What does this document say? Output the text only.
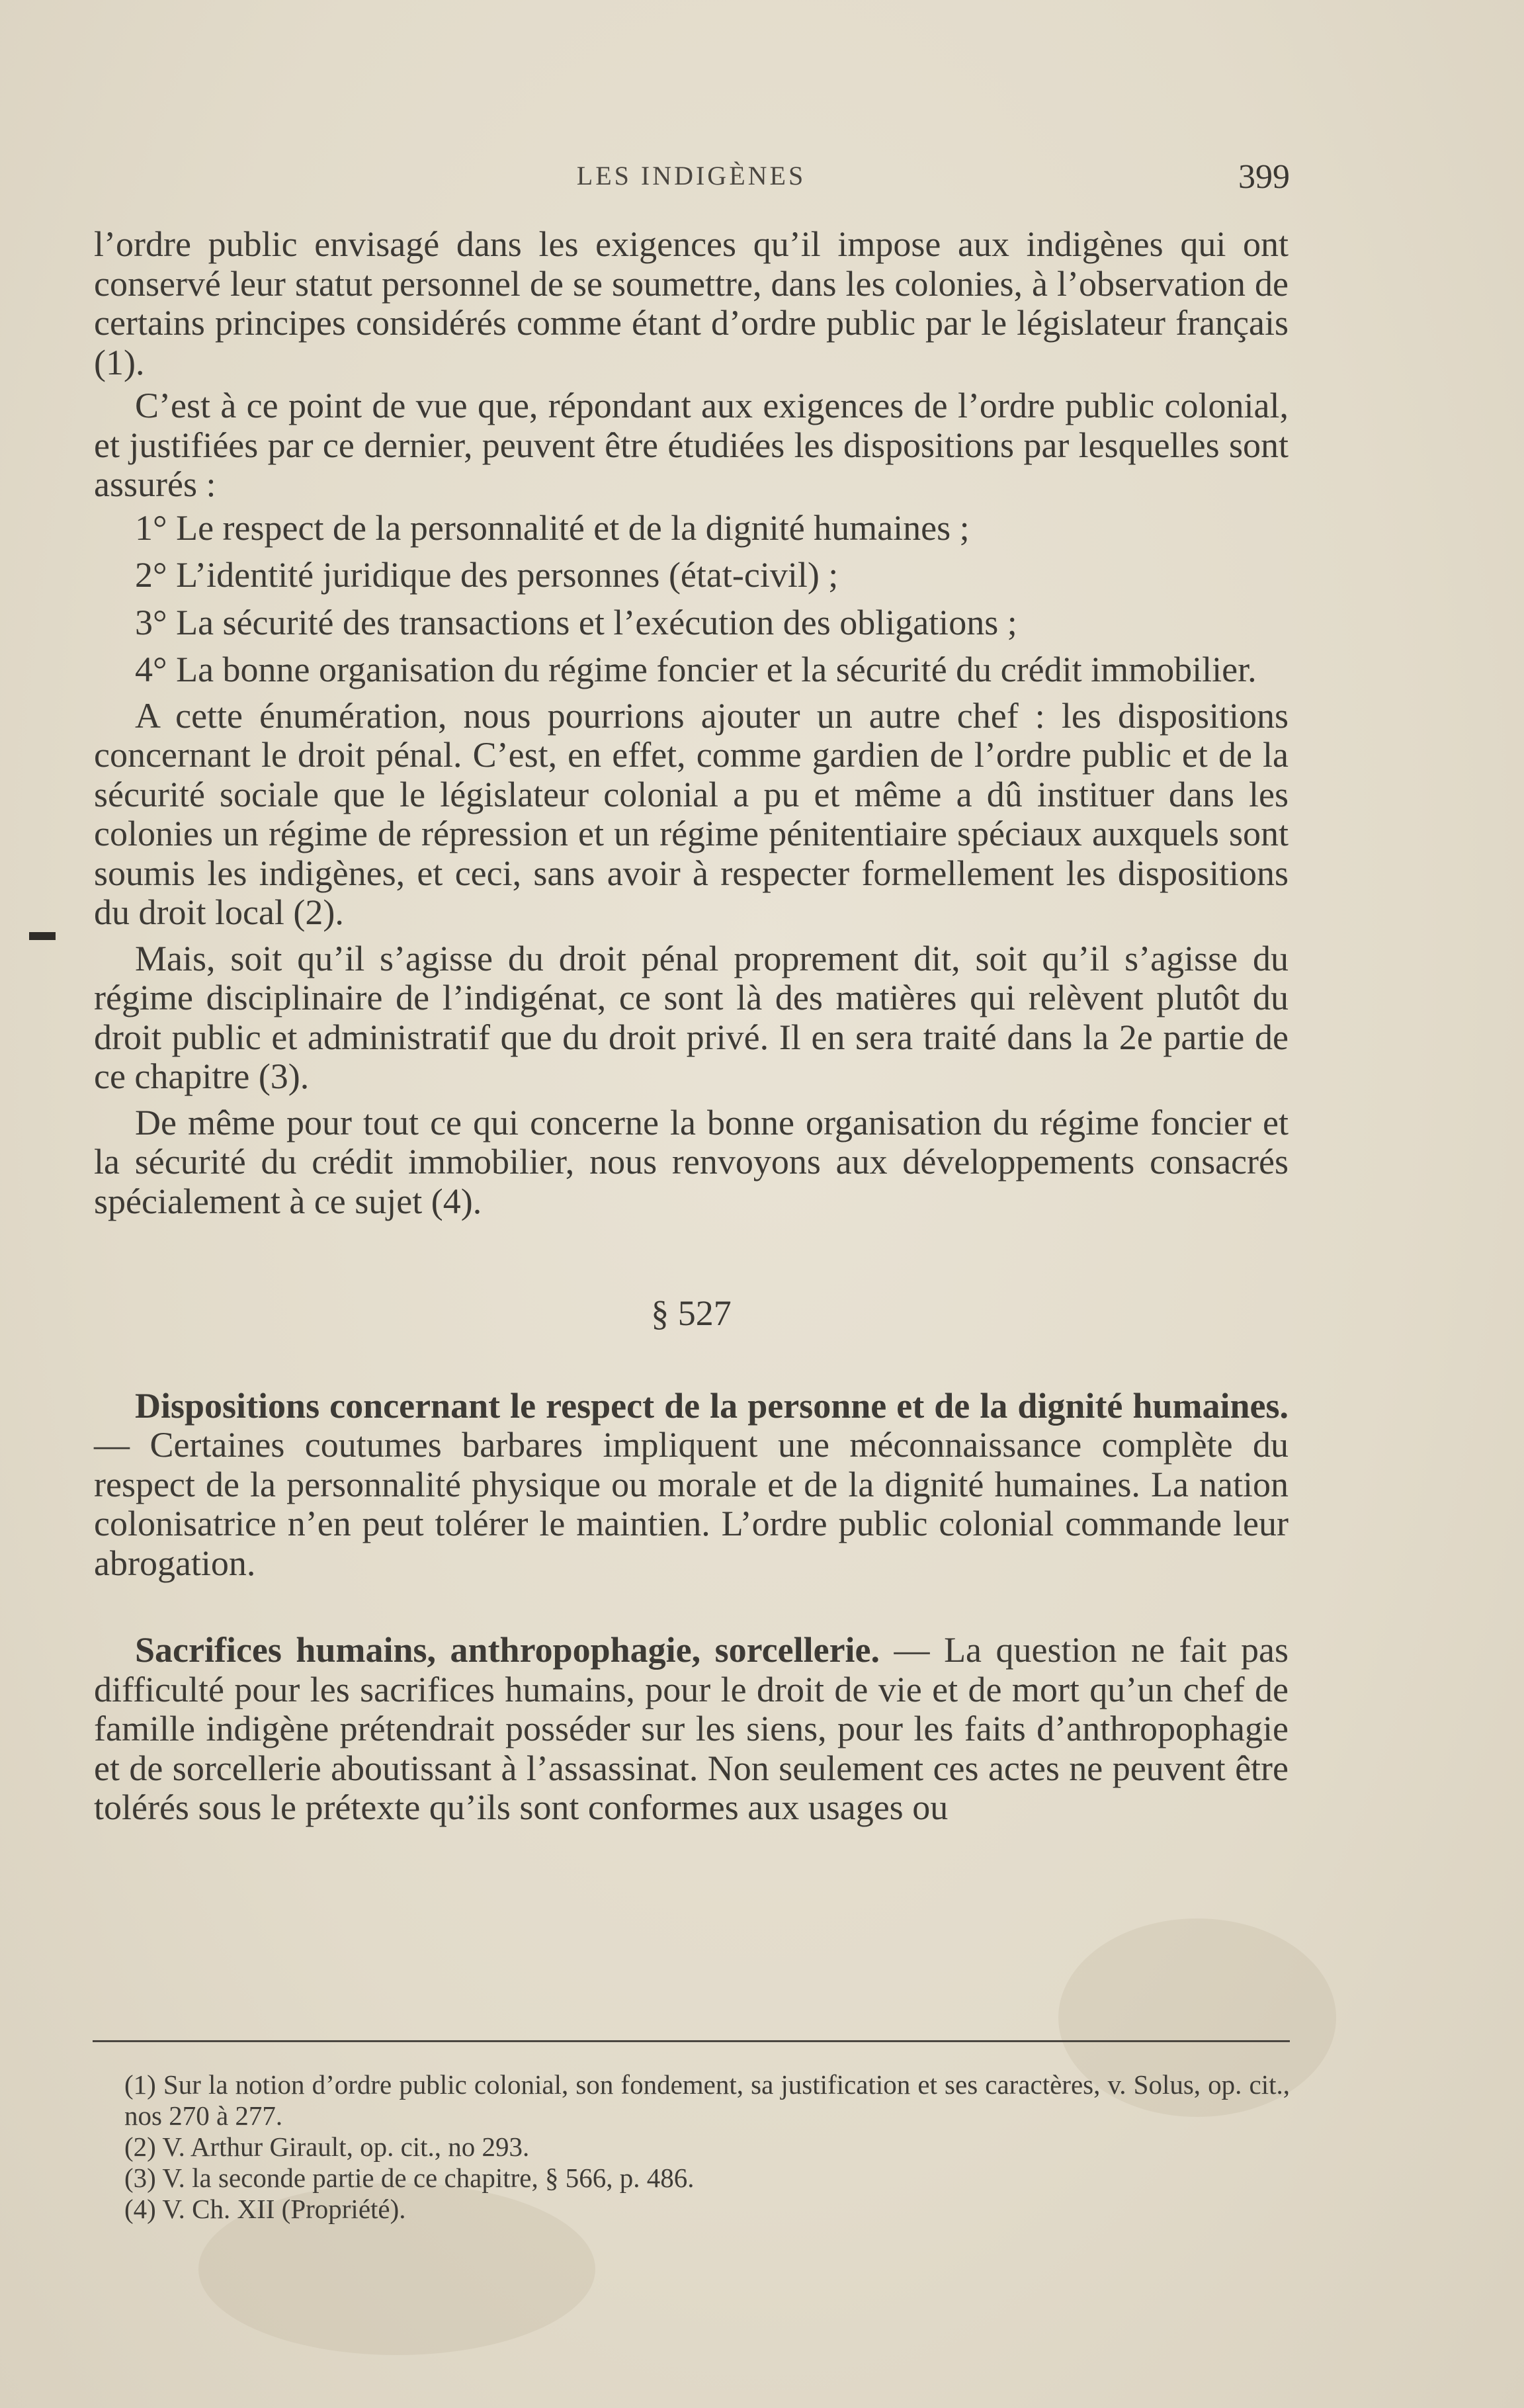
LES INDIGÈNES	399
▬

l’ordre public envisagé dans les exigences qu’il impose aux indigènes qui ont conservé leur statut personnel de se soumettre, dans les colonies, à l’observation de certains principes considérés comme étant d’ordre public par le législateur français (1).

C’est à ce point de vue que, répondant aux exigences de l’ordre public colonial, et justifiées par ce dernier, peuvent être étudiées les dispositions par lesquelles sont assurés :

1° Le respect de la personnalité et de la dignité humaines ;

2° L’identité juridique des personnes (état-civil) ;

3° La sécurité des transactions et l’exécution des obligations ;

4° La bonne organisation du régime foncier et la sécurité du crédit immobilier.

A cette énumération, nous pourrions ajouter un autre chef : les dispositions concernant le droit pénal. C’est, en effet, comme gardien de l’ordre public et de la sécurité sociale que le législateur colonial a pu et même a dû instituer dans les colonies un régime de répression et un régime pénitentiaire spéciaux auxquels sont soumis les indigènes, et ceci, sans avoir à respecter formellement les dispositions du droit local (2).

Mais, soit qu’il s’agisse du droit pénal proprement dit, soit qu’il s’agisse du régime disciplinaire de l’indigénat, ce sont là des matières qui relèvent plutôt du droit public et administratif que du droit privé. Il en sera traité dans la 2e partie de ce chapitre (3).

De même pour tout ce qui concerne la bonne organisation du régime foncier et la sécurité du crédit immobilier, nous renvoyons aux développements consacrés spécialement à ce sujet (4).

§ 527

Dispositions concernant le respect de la personne et de la dignité humaines. — Certaines coutumes barbares impliquent une méconnaissance complète du respect de la personnalité physique ou morale et de la dignité humaines. La nation colonisatrice n’en peut tolérer le maintien. L’ordre public colonial commande leur abrogation.

Sacrifices humains, anthropophagie, sorcellerie. — La question ne fait pas difficulté pour les sacrifices humains, pour le droit de vie et de mort qu’un chef de famille indigène prétendrait posséder sur les siens, pour les faits d’anthropophagie et de sorcellerie aboutissant à l’assassinat. Non seulement ces actes ne peuvent être tolérés sous le prétexte qu’ils sont conformes aux usages ou

(1) Sur la notion d’ordre public colonial, son fondement, sa justification et ses caractères, v. Solus, op. cit., nos 270 à 277.

(2) V. Arthur Girault, op. cit., no 293.

(3) V. la seconde partie de ce chapitre, § 566, p. 486.

(4) V. Ch. XII (Propriété).
